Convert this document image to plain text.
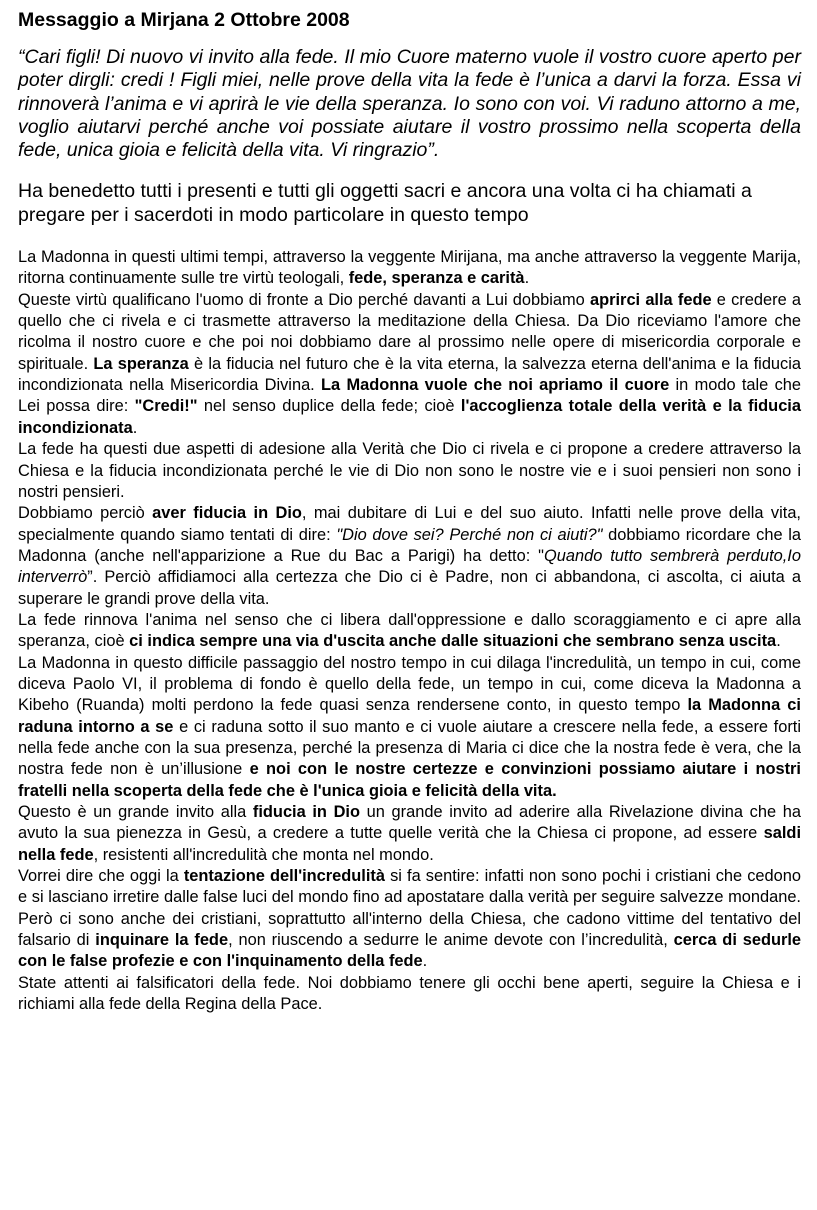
Messaggio a Mirjana 2 Ottobre 2008
“Cari figli! Di nuovo vi invito alla fede. Il mio Cuore materno vuole il vostro cuore aperto per poter dirgli: credi ! Figli miei, nelle prove della vita la fede è l’unica a darvi la forza. Essa vi rinnoverà l’anima e vi aprirà le vie della speranza. Io sono con voi. Vi raduno attorno a me, voglio aiutarvi perché anche voi possiate aiutare il vostro prossimo nella scoperta della fede, unica gioia e felicità della vita. Vi ringrazio”.
Ha benedetto tutti i presenti e tutti gli oggetti sacri e ancora una volta ci ha chiamati a pregare per i sacerdoti in modo particolare in questo tempo

La Madonna in questi ultimi tempi, attraverso la veggente Mirijana, ma anche attraverso la veggente Marija, ritorna continuamente sulle tre virtù teologali, fede, speranza e carità.

Queste virtù qualificano l'uomo di fronte a Dio perché davanti a Lui dobbiamo aprirci alla fede e credere a quello che ci rivela e ci trasmette attraverso la meditazione della Chiesa. Da Dio riceviamo l'amore che ricolma il nostro cuore e che poi noi dobbiamo dare al prossimo nelle opere di misericordia corporale e spirituale. La speranza è la fiducia nel futuro che è la vita eterna, la salvezza eterna dell'anima e la fiducia incondizionata nella Misericordia Divina. La Madonna vuole che noi apriamo il cuore in modo tale che Lei possa dire: "Credi!" nel senso duplice della fede; cioè l'accoglienza totale della verità e la fiducia incondizionata.

La fede ha questi due aspetti di adesione alla Verità che Dio ci rivela e ci propone a credere attraverso la Chiesa e la fiducia incondizionata perché le vie di Dio non sono le nostre vie e i suoi pensieri non sono i nostri pensieri.

Dobbiamo perciò aver fiducia in Dio, mai dubitare di Lui e del suo aiuto. Infatti nelle prove della vita, specialmente quando siamo tentati di dire: "Dio dove sei? Perché non ci aiuti?" dobbiamo ricordare che la Madonna (anche nell'apparizione a Rue du Bac a Parigi) ha detto: "Quando tutto sembrerà perduto,Io interverrò”. Perciò affidiamoci alla certezza che Dio ci è Padre, non ci abbandona, ci ascolta, ci aiuta a superare le grandi prove della vita.

La fede rinnova l'anima nel senso che ci libera dall'oppressione e dallo scoraggiamento e ci apre alla speranza, cioè ci indica sempre una via d'uscita anche dalle situazioni che sembrano senza uscita.

La Madonna in questo difficile passaggio del nostro tempo in cui dilaga l'incredulità, un tempo in cui, come diceva Paolo VI, il problema di fondo è quello della fede, un tempo in cui, come diceva la Madonna a Kibeho (Ruanda) molti perdono la fede quasi senza rendersene conto, in questo tempo la Madonna ci raduna intorno a se e ci raduna sotto il suo manto e ci vuole aiutare a crescere nella fede, a essere forti nella fede anche con la sua presenza, perché la presenza di Maria ci dice che la nostra fede è vera, che la nostra fede non è un’illusione e noi con le nostre certezze e convinzioni possiamo aiutare i nostri fratelli nella scoperta della fede che è l'unica gioia e felicità della vita.

Questo è un grande invito alla fiducia in Dio un grande invito ad aderire alla Rivelazione divina che ha avuto la sua pienezza in Gesù, a credere a tutte quelle verità che la Chiesa ci propone, ad essere saldi nella fede, resistenti all'incredulità che monta nel mondo.

Vorrei dire che oggi la tentazione dell'incredulità si fa sentire: infatti non sono pochi i cristiani che cedono e si lasciano irretire dalle false luci del mondo fino ad apostatare dalla verità per seguire salvezze mondane. Però ci sono anche dei cristiani, soprattutto all'interno della Chiesa, che cadono vittime del tentativo del falsario di inquinare la fede, non riuscendo a sedurre le anime devote con l’incredulità, cerca di sedurle con le false profezie e con l'inquinamento della fede.

State attenti ai falsificatori della fede. Noi dobbiamo tenere gli occhi bene aperti, seguire la Chiesa e i richiami alla fede della Regina della Pace.
